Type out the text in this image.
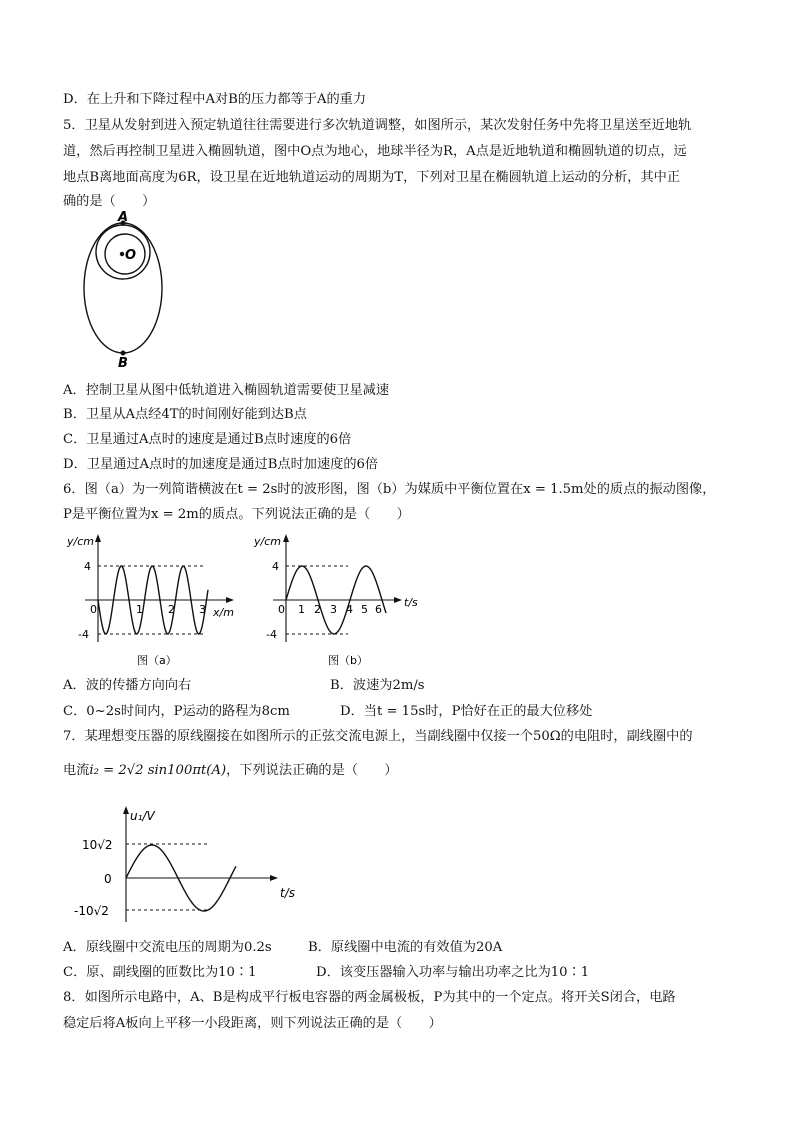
D．在上升和下降过程中A对B的压力都等于A的重力
5．卫星从发射到进入预定轨道往往需要进行多次轨道调整，如图所示，某次发射任务中先将卫星送至近地轨
道，然后再控制卫星进入椭圆轨道，图中O点为地心，地球半径为R，A点是近地轨道和椭圆轨道的切点，远
地点B离地面高度为6R，设卫星在近地轨道运动的周期为T，下列对卫星在椭圆轨道上运动的分析，其中正
确的是（　　）
A
O
B
A．控制卫星从图中低轨道进入椭圆轨道需要使卫星减速
B．卫星从A点经4T的时间刚好能到达B点
C．卫星通过A点时的速度是通过B点时速度的6倍
D．卫星通过A点时的加速度是通过B点时加速度的6倍
6．图（a）为一列简谐横波在t = 2s时的波形图，图（b）为媒质中平衡位置在x = 1.5m处的质点的振动图像，
P是平衡位置为x = 2m的质点。下列说法正确的是（　　）
y/cm
x/m
4
-4
0	1 2 3
图（a）
y/cm
t/s
4
-4
0 1 2 3 4 5 6
图（b）
A．波的传播方向向右	B．波速为2m/s
C．0~2s时间内，P运动的路程为8cm	D．当t = 15s时，P恰好在正的最大位移处
7．某理想变压器的原线圈接在如图所示的正弦交流电源上，当副线圈中仅接一个50Ω的电阻时，副线圈中的
电流i₂ = 2√2 sin100πt(A)，下列说法正确的是（　　）
u₁/V
t/s
10√2
0
-10√2
A．原线圈中交流电压的周期为0.2s	B．原线圈中电流的有效值为20A
C．原、副线圈的匝数比为10∶1	D．该变压器输入功率与输出功率之比为10∶1
8．如图所示电路中，A、B是构成平行板电容器的两金属极板，P为其中的一个定点。将开关S闭合，电路
稳定后将A板向上平移一小段距离，则下列说法正确的是（　　）
